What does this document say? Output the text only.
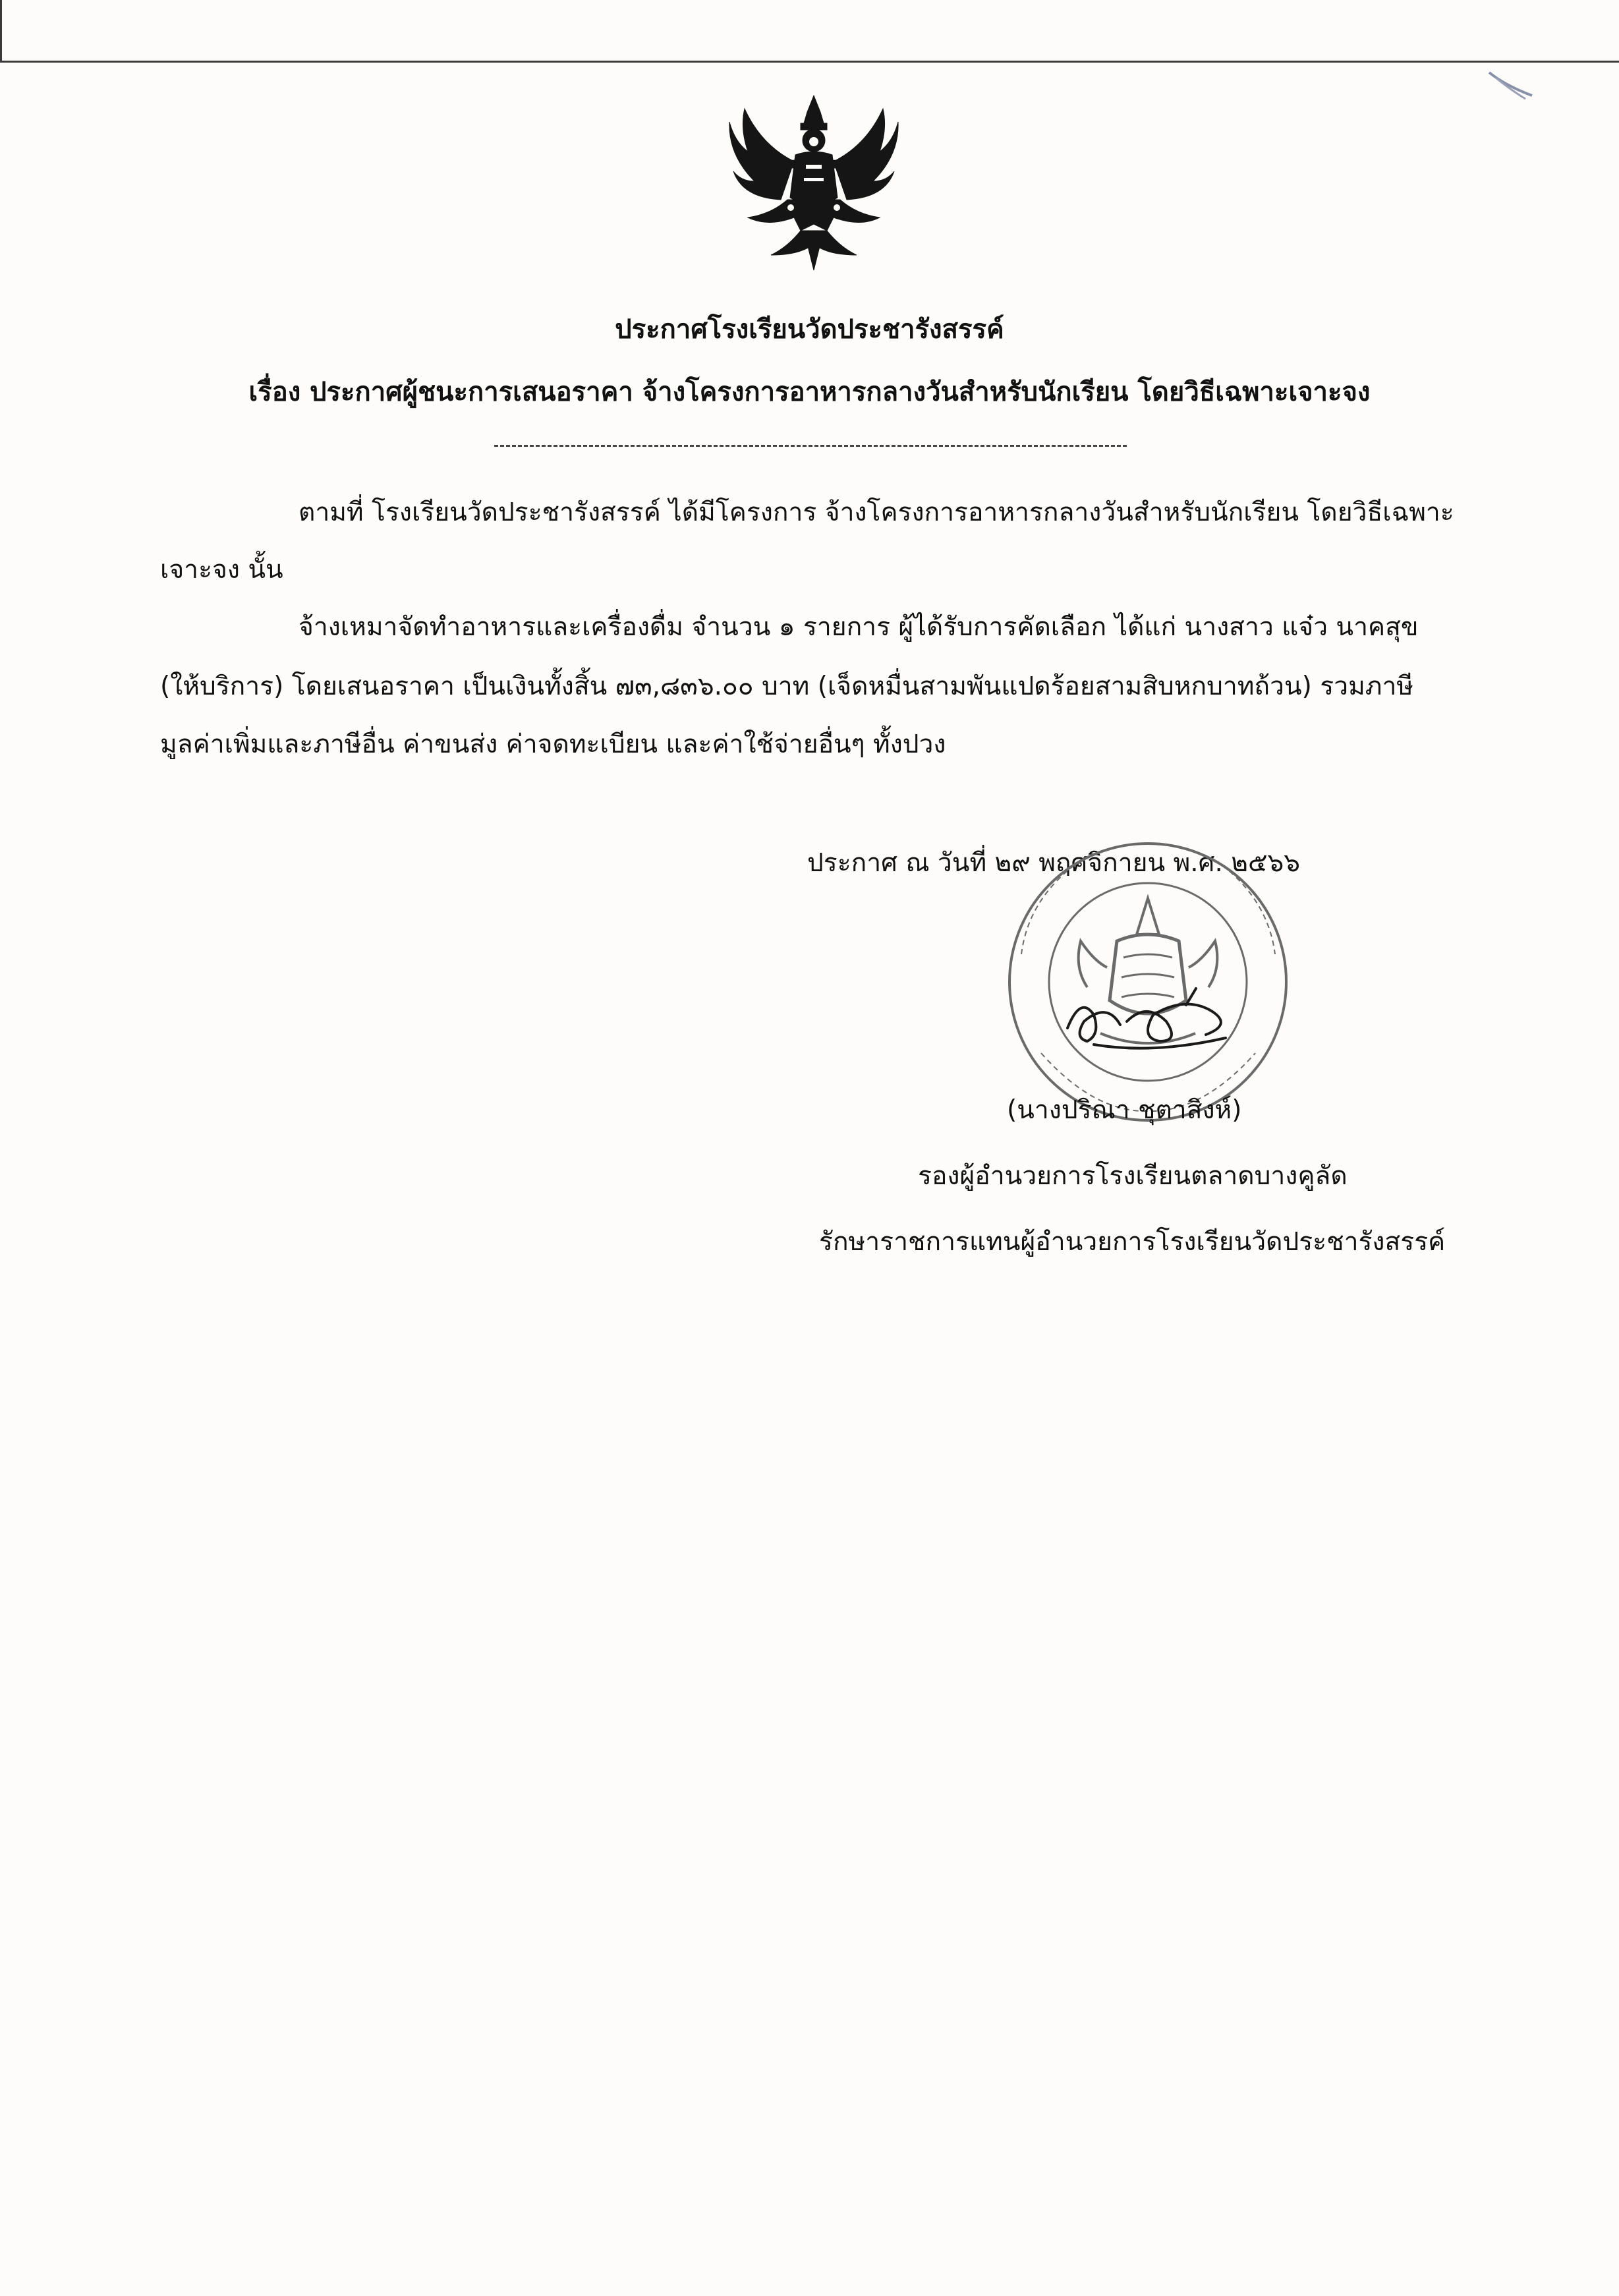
ประกาศโรงเรียนวัดประชารังสรรค์
เรื่อง ประกาศผู้ชนะการเสนอราคา จ้างโครงการอาหารกลางวันสำหรับนักเรียน โดยวิธีเฉพาะเจาะจง
ตามที่ โรงเรียนวัดประชารังสรรค์ ได้มีโครงการ จ้างโครงการอาหารกลางวันสำหรับนักเรียน โดยวิธีเฉพาะ
เจาะจง นั้น
จ้างเหมาจัดทำอาหารและเครื่องดื่ม จำนวน ๑ รายการ ผู้ได้รับการคัดเลือก ได้แก่ นางสาว แจ๋ว นาคสุข
(ให้บริการ) โดยเสนอราคา เป็นเงินทั้งสิ้น ๗๓,๘๓๖.๐๐ บาท (เจ็ดหมื่นสามพันแปดร้อยสามสิบหกบาทถ้วน) รวมภาษี
มูลค่าเพิ่มและภาษีอื่น ค่าขนส่ง ค่าจดทะเบียน และค่าใช้จ่ายอื่นๆ ทั้งปวง
ประกาศ ณ วันที่ ๒๙ พฤศจิกายน พ.ศ. ๒๕๖๖
(นางปริณา ชุตาสิงห์)
รองผู้อำนวยการโรงเรียนตลาดบางคูลัด
รักษาราชการแทนผู้อำนวยการโรงเรียนวัดประชารังสรรค์
